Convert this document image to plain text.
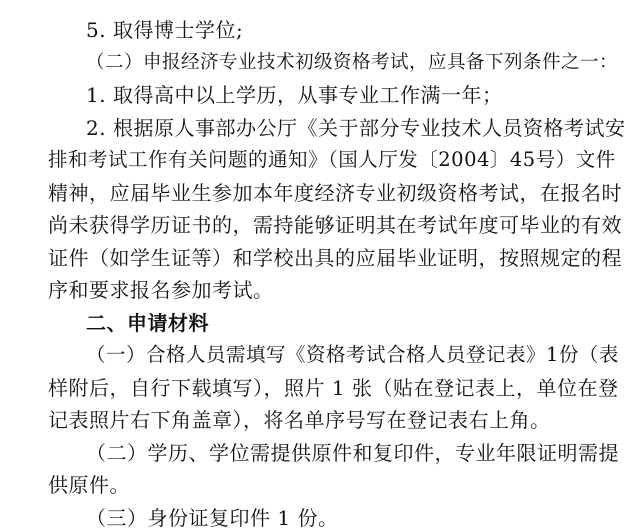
5. 取得博士学位;
（二）申报经济专业技术初级资格考试，应具备下列条件之一：
1. 取得高中以上学历，从事专业工作满一年；
2. 根据原人事部办公厅《关于部分专业技术人员资格考试安
排和考试工作有关问题的通知》（国人厅发〔2004〕45号）文件
精神，应届毕业生参加本年度经济专业初级资格考试，在报名时
尚未获得学历证书的，需持能够证明其在考试年度可毕业的有效
证件（如学生证等）和学校出具的应届毕业证明，按照规定的程
序和要求报名参加考试。
二、申请材料
（一）合格人员需填写《资格考试合格人员登记表》1份（表
样附后，自行下载填写），照片 1 张（贴在登记表上，单位在登
记表照片右下角盖章），将名单序号写在登记表右上角。
（二）学历、学位需提供原件和复印件，专业年限证明需提
供原件。
（三）身份证复印件 1 份。
